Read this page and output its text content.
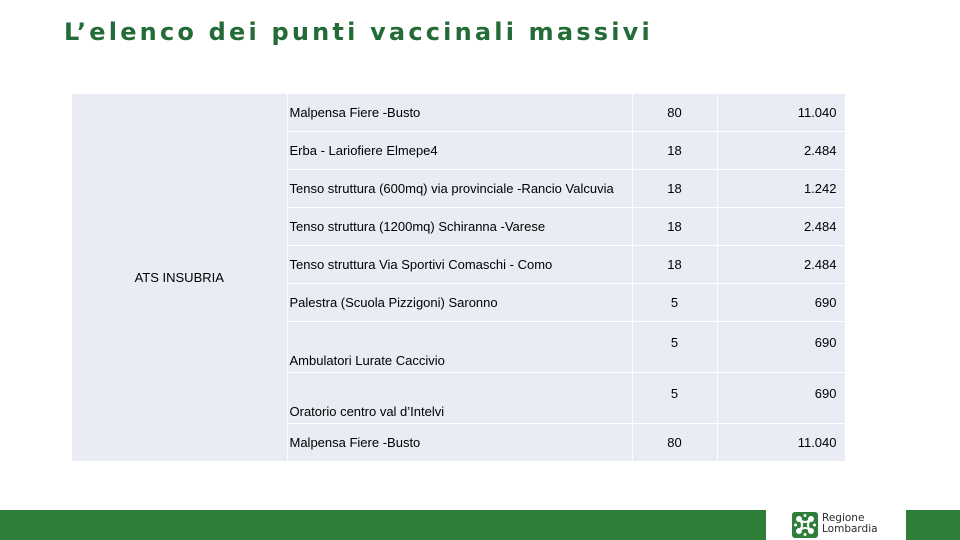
L’elenco dei punti vaccinali massivi
ATS INSUBRIA	Malpensa Fiere -Busto	80	11.040
	Erba - Lariofiere Elmepe4	18	2.484
	Tenso struttura (600mq) via provinciale -Rancio Valcuvia	18	1.242
	Tenso struttura (1200mq) Schiranna -Varese	18	2.484
	Tenso struttura Via Sportivi Comaschi - Como	18	2.484
	Palestra (Scuola Pizzigoni) Saronno	5	690
	Ambulatori Lurate Caccivio	5	690
	Oratorio centro val d’Intelvi	5	690
	Malpensa Fiere -Busto	80	11.040
Regione
Lombardia
